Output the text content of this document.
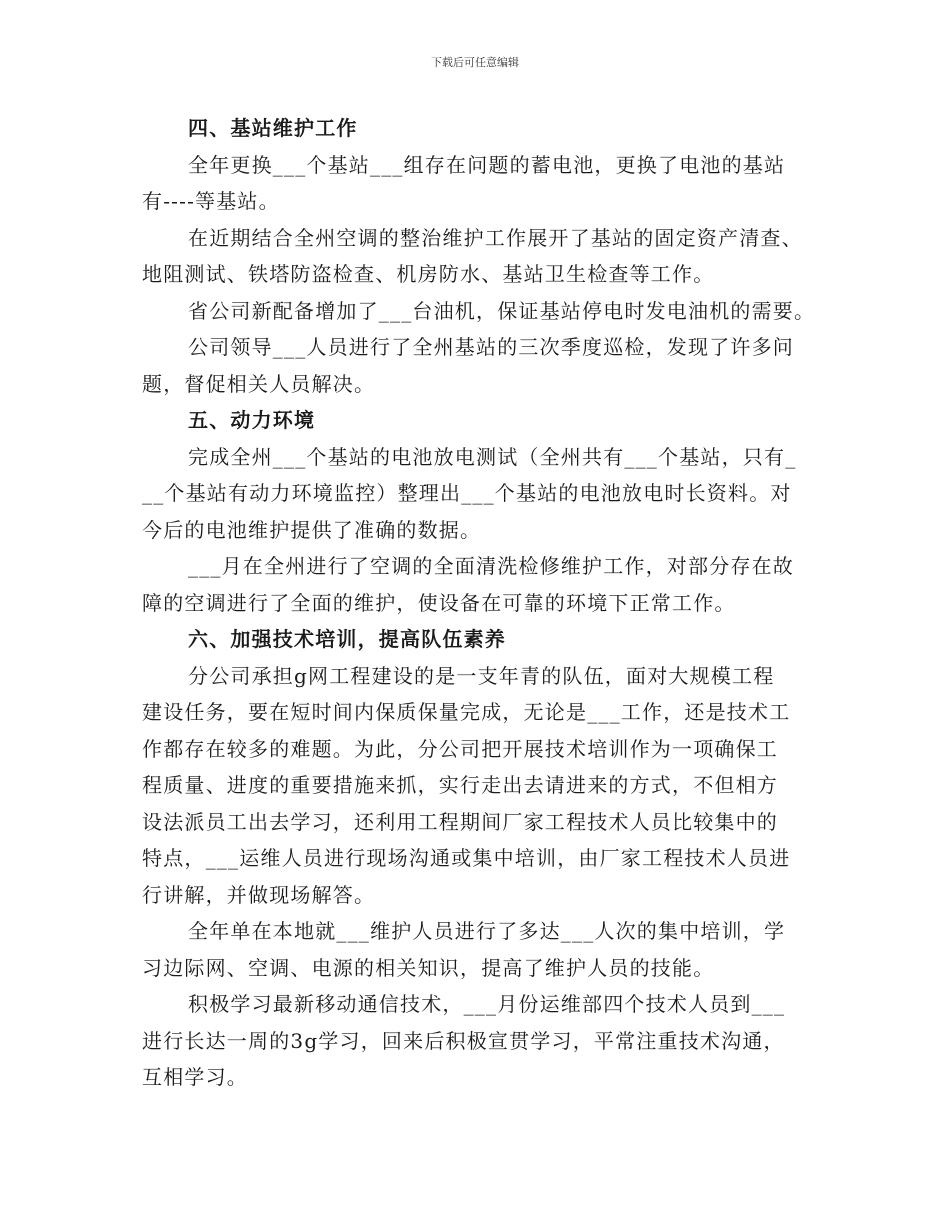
下载后可任意编辑
四、基站维护工作
全年更换___个基站___组存在问题的蓄电池，更换了电池的基站
有----等基站。
在近期结合全州空调的整治维护工作展开了基站的固定资产清查、
地阻测试、铁塔防盗检查、机房防水、基站卫生检查等工作。
省公司新配备增加了___台油机，保证基站停电时发电油机的需要。
公司领导___人员进行了全州基站的三次季度巡检，发现了许多问
题，督促相关人员解决。
五、动力环境
完成全州___个基站的电池放电测试（全州共有___个基站，只有_
__个基站有动力环境监控）整理出___个基站的电池放电时长资料。对
今后的电池维护提供了准确的数据。
___月在全州进行了空调的全面清洗检修维护工作，对部分存在故
障的空调进行了全面的维护，使设备在可靠的环境下正常工作。
六、加强技术培训，提高队伍素养
分公司承担g网工程建设的是一支年青的队伍，面对大规模工程
建设任务，要在短时间内保质保量完成，无论是___工作，还是技术工
作都存在较多的难题。为此，分公司把开展技术培训作为一项确保工
程质量、进度的重要措施来抓，实行走出去请进来的方式，不但相方
设法派员工出去学习，还利用工程期间厂家工程技术人员比较集中的
特点，___运维人员进行现场沟通或集中培训，由厂家工程技术人员进
行讲解，并做现场解答。
全年单在本地就___维护人员进行了多达___人次的集中培训，学
习边际网、空调、电源的相关知识，提高了维护人员的技能。
积极学习最新移动通信技术，___月份运维部四个技术人员到___
进行长达一周的3g学习，回来后积极宣贯学习，平常注重技术沟通，
互相学习。
